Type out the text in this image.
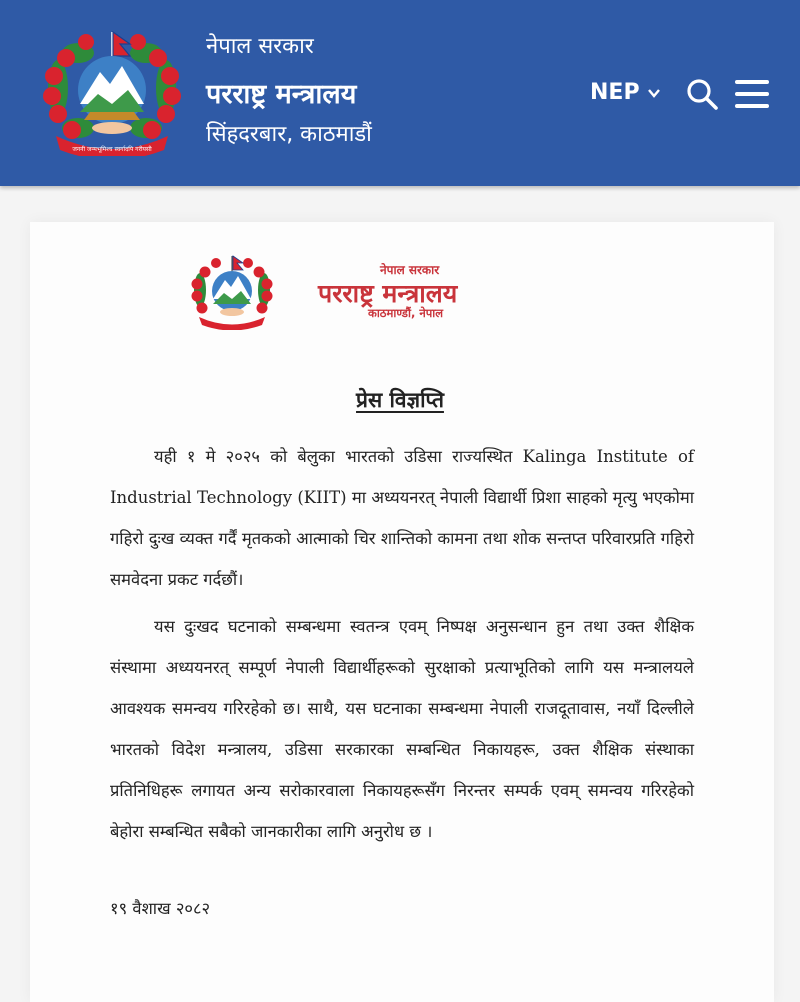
जननी जन्मभूमिश्च स्वर्गादपि गरीयसी
नेपाल सरकार
परराष्ट्र मन्त्रालय
सिंहदरबार, काठमाडौं
NEP
नेपाल सरकार
परराष्ट्र मन्त्रालय
काठमाण्डौं, नेपाल
प्रेस विज्ञप्ति

यही १ मे २०२५ को बेलुका भारतको उडिसा राज्यस्थित Kalinga Institute of Industrial Technology (KIIT) मा अध्ययनरत् नेपाली विद्यार्थी प्रिशा साहको मृत्यु भएकोमा गहिरो दुःख व्यक्त गर्दैं मृतकको आत्माको चिर शान्तिको कामना तथा शोक सन्तप्त परिवारप्रति गहिरो समवेदना प्रकट गर्दछौं।

यस दुःखद घटनाको सम्बन्धमा स्वतन्त्र एवम् निष्पक्ष अनुसन्धान हुन तथा उक्त शैक्षिक संस्थामा अध्ययनरत् सम्पूर्ण नेपाली विद्यार्थीहरूको सुरक्षाको प्रत्याभूतिको लागि यस मन्त्रालयले आवश्यक समन्वय गरिरहेको छ। साथै, यस घटनाका सम्बन्धमा नेपाली राजदूतावास, नयाँ दिल्लीले भारतको विदेश मन्त्रालय, उडिसा सरकारका सम्बन्धित निकायहरू, उक्त शैक्षिक संस्थाका प्रतिनिधिहरू लगायत अन्य सरोकारवाला निकायहरूसँग निरन्तर सम्पर्क एवम् समन्वय गरिरहेको बेहोरा सम्बन्धित सबैको जानकारीका लागि अनुरोध छ ।

१९ वैशाख २०८२
